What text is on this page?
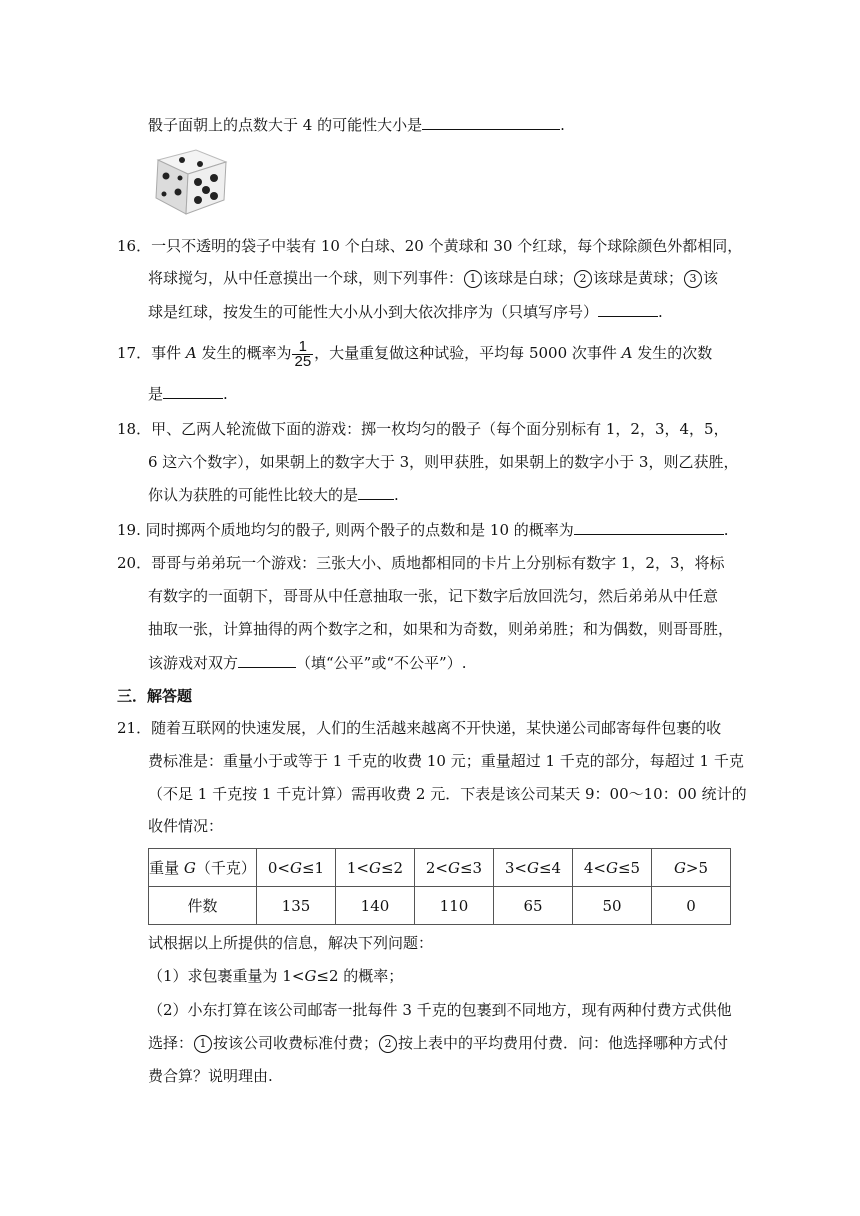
骰子面朝上的点数大于 4 的可能性大小是	.
16．一只不透明的袋子中装有 10 个白球、20 个黄球和 30 个红球，每个球除颜色外都相同，
将球搅匀，从中任意摸出一个球，则下列事件： 1 该球是白球； 2 该球是黄球； 3 该
球是红球，按发生的可能性大小从小到大依次排序为（只填写序号）	.
17．事件 A 发生的概率为 $\frac{1}{25}$ ，大量重复做这种试验，平均每 5000 次事件 A 发生的次数
是	.
18．甲、乙两人轮流做下面的游戏：掷一枚均匀的骰子（每个面分别标有 1，2，3，4，5，
6 这六个数字），如果朝上的数字大于 3，则甲获胜，如果朝上的数字小于 3，则乙获胜，
你认为获胜的可能性比较大的是 .
19. 同时掷两个质地均匀的骰子, 则两个骰子的点数和是 10 的概率为	.
20．哥哥与弟弟玩一个游戏：三张大小、质地都相同的卡片上分别标有数字 1，2，3，将标
有数字的一面朝下，哥哥从中任意抽取一张，记下数字后放回洗匀，然后弟弟从中任意
抽取一张，计算抽得的两个数字之和，如果和为奇数，则弟弟胜；和为偶数，则哥哥胜，
该游戏对双方	（填“公平”或“不公平”）.
三．解答题
21．随着互联网的快速发展，人们的生活越来越离不开快递，某快递公司邮寄每件包裹的收
费标准是：重量小于或等于 1 千克的收费 10 元；重量超过 1 千克的部分，每超过 1 千克
（不足 1 千克按 1 千克计算）需再收费 2 元．下表是该公司某天 9：00～10：00 统计的
收件情况：
重量 G（千克）	0<G≤1	1<G≤2	2<G≤3	3<G≤4	4<G≤5	G>5
件数	135	140	110	65	50	0
试根据以上所提供的信息，解决下列问题：
（1）求包裹重量为 1<G≤2 的概率；
（2）小东打算在该公司邮寄一批每件 3 千克的包裹到不同地方，现有两种付费方式供他
选择： 1 按该公司收费标准付费； 2 按上表中的平均费用付费．问：他选择哪种方式付
费合算？说明理由.
